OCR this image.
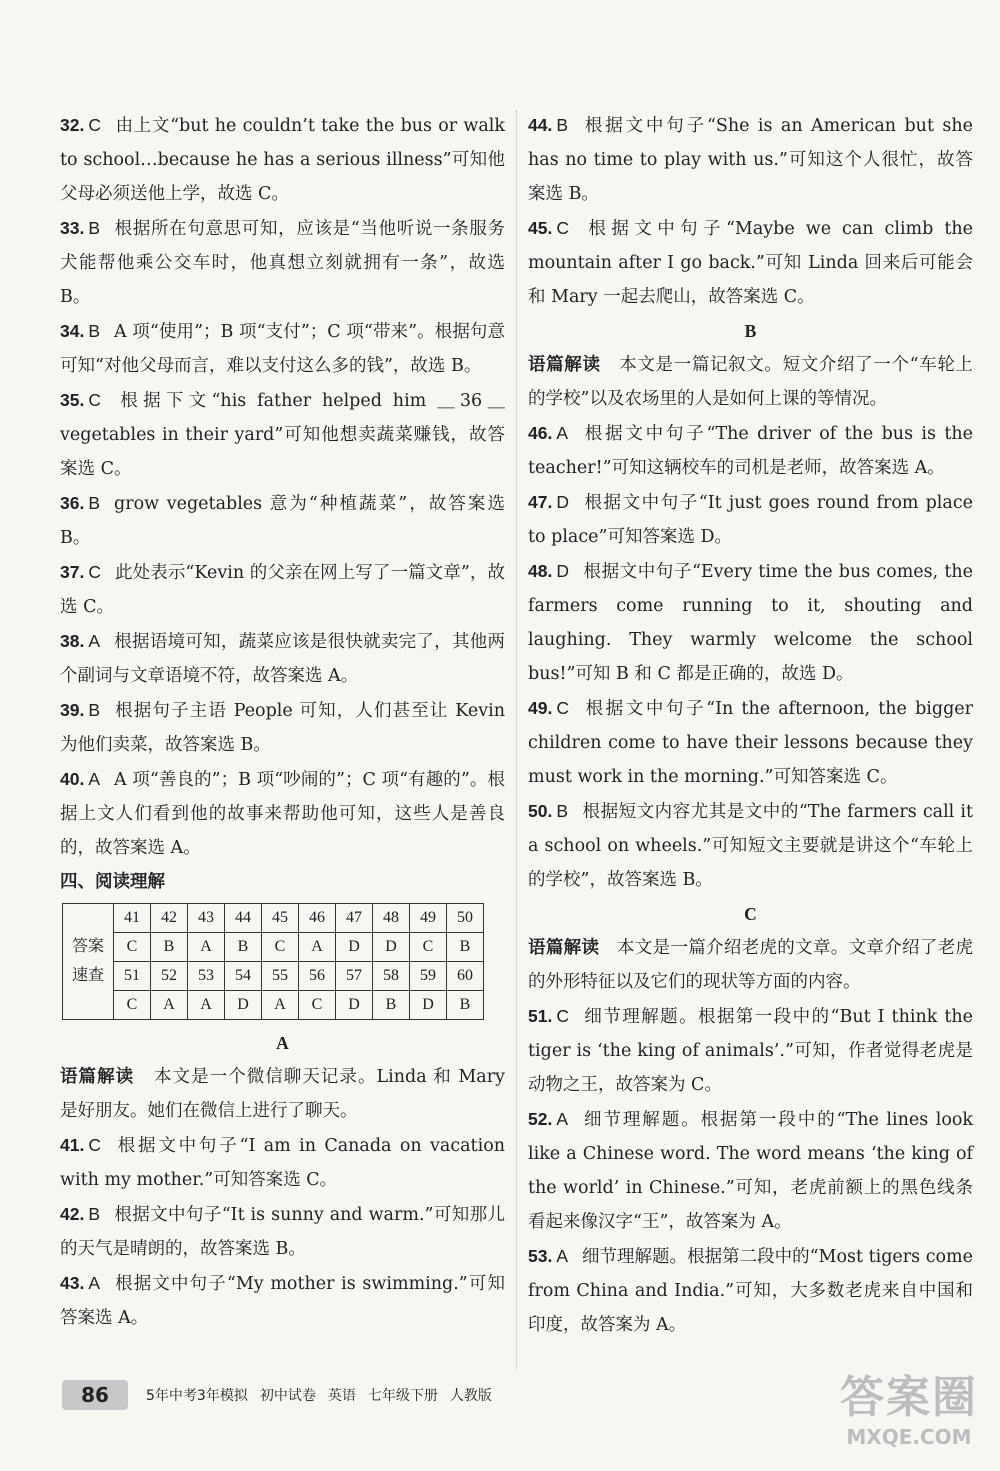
32. C 由上文“but he couldn’t take the bus or walk to school…because he has a serious illness”可知他父母必须送他上学，故选 C。

33. B 根据所在句意思可知，应该是“当他听说一条服务犬能帮他乘公交车时，他真想立刻就拥有一条”，故选 B。

34. B A 项“使用”；B 项“支付”；C 项“带来”。根据句意可知“对他父母而言，难以支付这么多的钱”，故选 B。

35. C 根据下文“his father helped him ＿36＿ vegetables in their yard”可知他想卖蔬菜赚钱，故答案选 C。

36. B grow vegetables 意为“种植蔬菜”，故答案选 B。

37. C 此处表示“Kevin 的父亲在网上写了一篇文章”，故选 C。

38. A 根据语境可知，蔬菜应该是很快就卖完了，其他两个副词与文章语境不符，故答案选 A。

39. B 根据句子主语 People 可知，人们甚至让 Kevin 为他们卖菜，故答案选 B。

40. A A 项“善良的”；B 项“吵闹的”；C 项“有趣的”。根据上文人们看到他的故事来帮助他可知，这些人是善良的，故答案选 A。

四、阅读理解

	41	42	43	44	45	46	47	48	49	50
答案	C	B	A	B	C	A	D	D	C	B
速查	51	52	53	54	55	56	57	58	59	60
	C	A	A	D	A	C	D	B	D	B

A

语篇解读 本文是一个微信聊天记录。Linda 和 Mary 是好朋友。她们在微信上进行了聊天。

41. C 根据文中句子“I am in Canada on vacation with my mother.”可知答案选 C。

42. B 根据文中句子“It is sunny and warm.”可知那儿的天气是晴朗的，故答案选 B。

43. A 根据文中句子“My mother is swimming.”可知答案选 A。

44. B 根据文中句子“She is an American but she has no time to play with us.”可知这个人很忙，故答案选 B。

45. C 根据文中句子“Maybe we can climb the mountain after I go back.”可知 Linda 回来后可能会和 Mary 一起去爬山，故答案选 C。

B

语篇解读 本文是一篇记叙文。短文介绍了一个“车轮上的学校”以及农场里的人是如何上课的等情况。

46. A 根据文中句子“The driver of the bus is the teacher!”可知这辆校车的司机是老师，故答案选 A。

47. D 根据文中句子“It just goes round from place to place”可知答案选 D。

48. D 根据文中句子“Every time the bus comes, the farmers come running to it, shouting and laughing. They warmly welcome the school bus!”可知 B 和 C 都是正确的，故选 D。

49. C 根据文中句子“In the afternoon, the bigger children come to have their lessons because they must work in the morning.”可知答案选 C。

50. B 根据短文内容尤其是文中的“The farmers call it a school on wheels.”可知短文主要就是讲这个“车轮上的学校”，故答案选 B。

C

语篇解读 本文是一篇介绍老虎的文章。文章介绍了老虎的外形特征以及它们的现状等方面的内容。

51. C 细节理解题。根据第一段中的“But I think the tiger is ‘the king of animals’.”可知，作者觉得老虎是动物之王，故答案为 C。

52. A 细节理解题。根据第一段中的“The lines look like a Chinese word. The word means ‘the king of the world’ in Chinese.”可知，老虎前额上的黑色线条看起来像汉字“王”，故答案为 A。

53. A 细节理解题。根据第二段中的“Most tigers come from China and India.”可知，大多数老虎来自中国和印度，故答案为 A。

86	5年中考3年模拟 初中试卷 英语 七年级下册 人教版	答案圈
MXQE.COM
